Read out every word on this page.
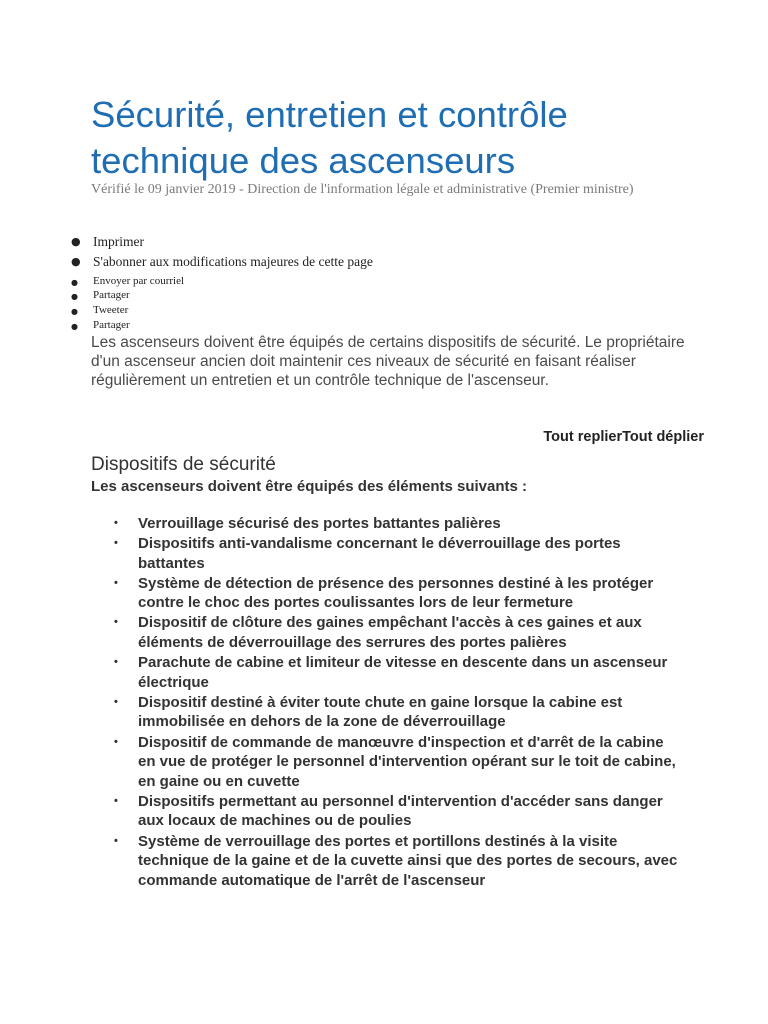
Sécurité, entretien et contrôle technique des ascenseurs
Vérifié le 09 janvier 2019 - Direction de l'information légale et administrative (Premier ministre)
● Imprimer
● S'abonner aux modifications majeures de cette page
● Envoyer par courriel
● Partager
● Tweeter
● Partager

Les ascenseurs doivent être équipés de certains dispositifs de sécurité. Le propriétaire d'un ascenseur ancien doit maintenir ces niveaux de sécurité en faisant réaliser régulièrement un entretien et un contrôle technique de l'ascenseur.

Tout replierTout déplier
Dispositifs de sécurité
Les ascenseurs doivent être équipés des éléments suivants :
• Verrouillage sécurisé des portes battantes palières
• Dispositifs anti-vandalisme concernant le déverrouillage des portes battantes
• Système de détection de présence des personnes destiné à les protéger contre le choc des portes coulissantes lors de leur fermeture
• Dispositif de clôture des gaines empêchant l'accès à ces gaines et aux éléments de déverrouillage des serrures des portes palières
• Parachute de cabine et limiteur de vitesse en descente dans un ascenseur électrique
• Dispositif destiné à éviter toute chute en gaine lorsque la cabine est immobilisée en dehors de la zone de déverrouillage
• Dispositif de commande de manœuvre d'inspection et d'arrêt de la cabine en vue de protéger le personnel d'intervention opérant sur le toit de cabine, en gaine ou en cuvette
• Dispositifs permettant au personnel d'intervention d'accéder sans danger aux locaux de machines ou de poulies
• Système de verrouillage des portes et portillons destinés à la visite technique de la gaine et de la cuvette ainsi que des portes de secours, avec commande automatique de l'arrêt de l'ascenseur
